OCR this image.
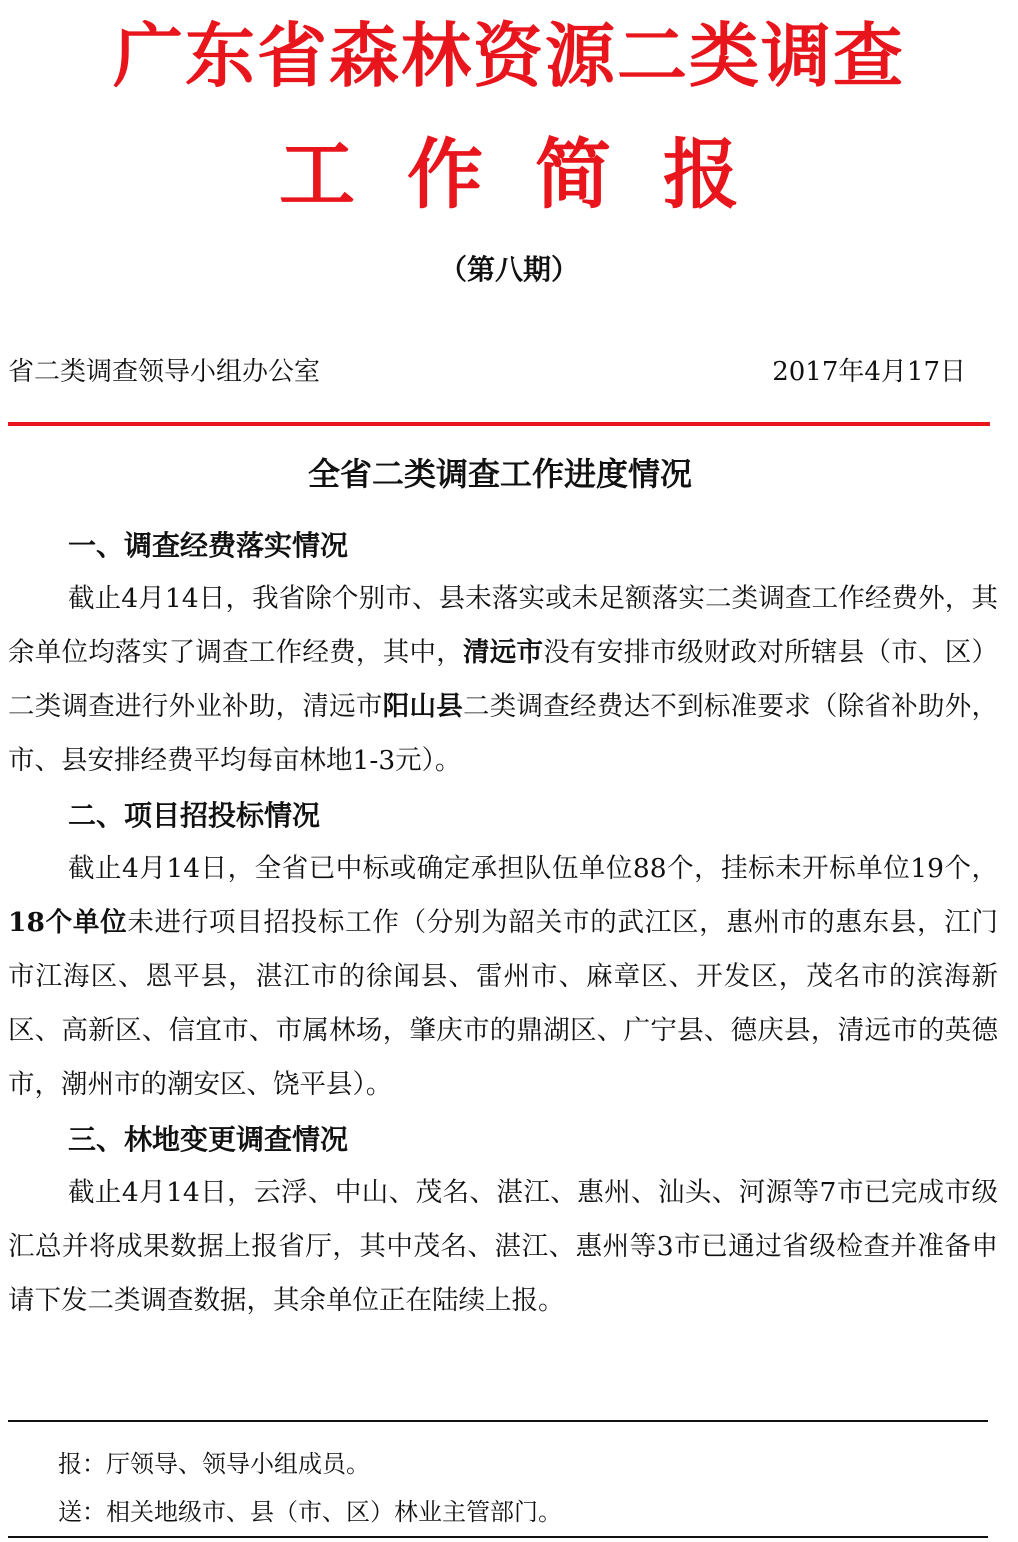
广东省森林资源二类调查
工 作 简 报
（第八期）
省二类调查领导小组办公室	2017年4月17日
全省二类调查工作进度情况
一、调查经费落实情况
截止4月14日，我省除个别市、县未落实或未足额落实二类调查工作经费外，其余单位均落实了调查工作经费，其中，清远市没有安排市级财政对所辖县（市、区）二类调查进行外业补助，清远市阳山县二类调查经费达不到标准要求（除省补助外，市、县安排经费平均每亩林地1-3元）。
二、项目招投标情况
截止4月14日，全省已中标或确定承担队伍单位88个，挂标未开标单位19个，18个单位未进行项目招投标工作（分别为韶关市的武江区，惠州市的惠东县，江门市江海区、恩平县，湛江市的徐闻县、雷州市、麻章区、开发区，茂名市的滨海新区、高新区、信宜市、市属林场，肇庆市的鼎湖区、广宁县、德庆县，清远市的英德市，潮州市的潮安区、饶平县）。
三、林地变更调查情况
截止4月14日，云浮、中山、茂名、湛江、惠州、汕头、河源等7市已完成市级汇总并将成果数据上报省厅，其中茂名、湛江、惠州等3市已通过省级检查并准备申请下发二类调查数据，其余单位正在陆续上报。
报：厅领导、领导小组成员。
送：相关地级市、县（市、区）林业主管部门。
